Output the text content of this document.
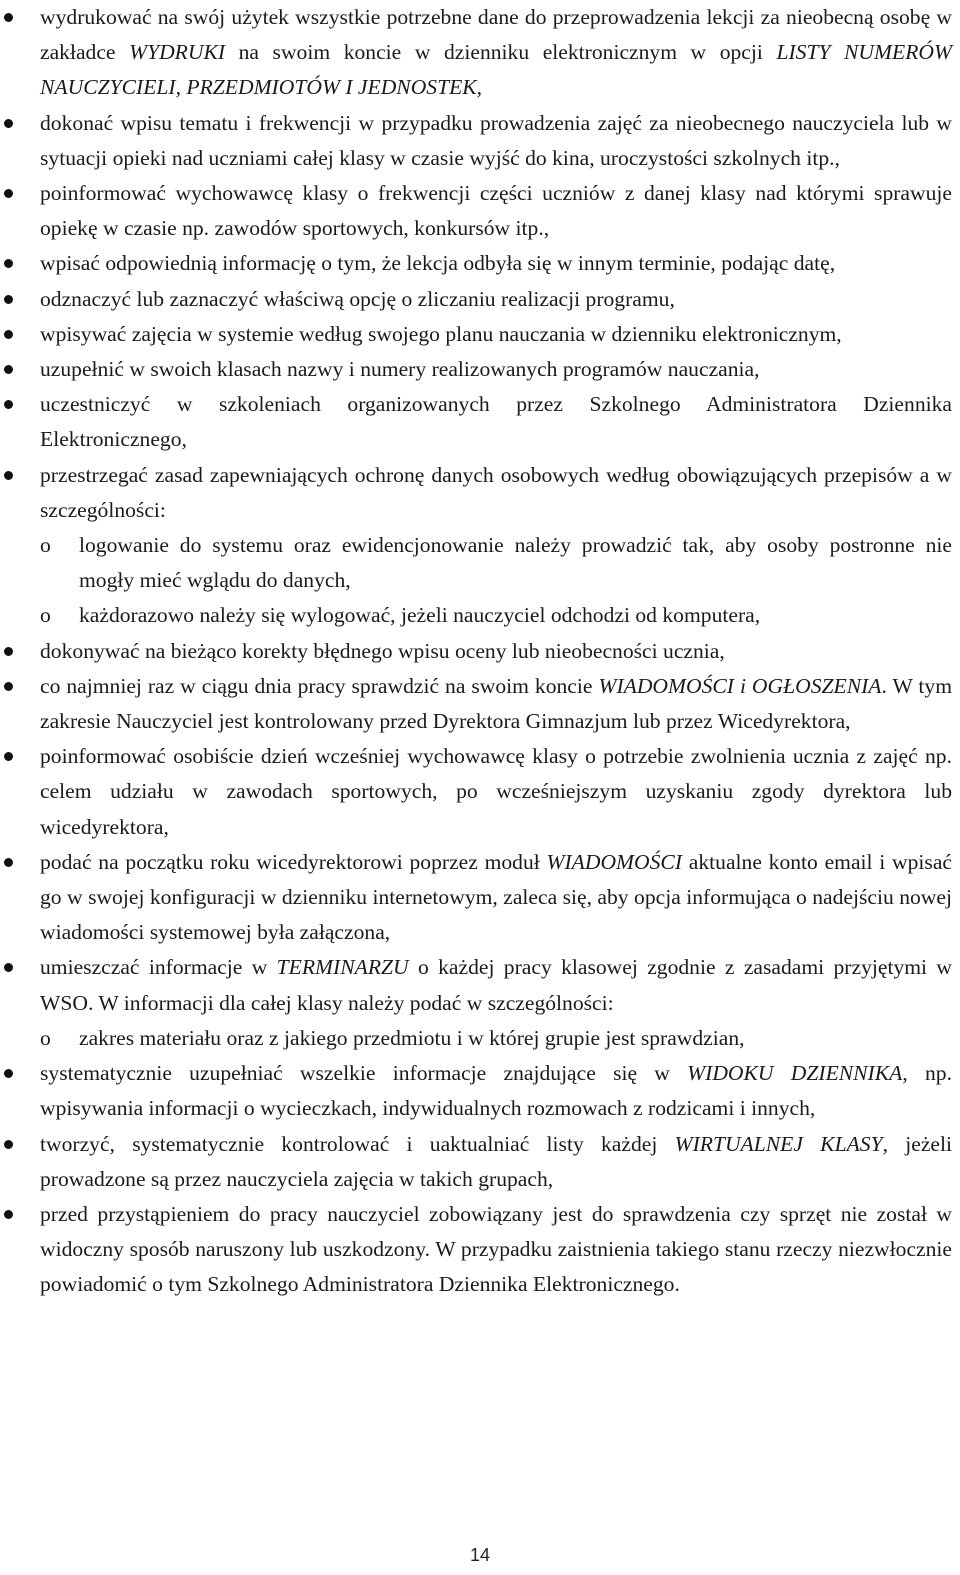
wydrukować na swój użytek wszystkie potrzebne dane do przeprowadzenia lekcji za nieobecną osobę w zakładce WYDRUKI na swoim koncie w dzienniku elektronicznym w opcji LISTY NUMERÓW NAUCZYCIELI, PRZEDMIOTÓW I JEDNOSTEK,
dokonać wpisu tematu i frekwencji w przypadku prowadzenia zajęć za nieobecnego nauczyciela lub w sytuacji opieki nad uczniami całej klasy w czasie wyjść do kina, uroczystości szkolnych itp.,
poinformować wychowawcę klasy o frekwencji części uczniów z danej klasy nad którymi sprawuje opiekę w czasie np. zawodów sportowych, konkursów itp.,
wpisać odpowiednią informację o tym, że lekcja odbyła się w innym terminie, podając datę,
odznaczyć lub zaznaczyć właściwą opcję o zliczaniu realizacji programu,
wpisywać zajęcia w systemie według swojego planu nauczania w dzienniku elektronicznym,
uzupełnić w swoich klasach nazwy i numery realizowanych programów nauczania,
uczestniczyć w szkoleniach organizowanych przez Szkolnego Administratora Dziennika Elektronicznego,
przestrzegać zasad zapewniających ochronę danych osobowych według obowiązujących przepisów a w szczególności:
o logowanie do systemu oraz ewidencjonowanie należy prowadzić tak, aby osoby postronne nie mogły mieć wglądu do danych,
o każdorazowo należy się wylogować, jeżeli nauczyciel odchodzi od komputera,
dokonywać na bieżąco korekty błędnego wpisu oceny lub nieobecności ucznia,
co najmniej raz w ciągu dnia pracy sprawdzić na swoim koncie WIADOMOŚCI i OGŁOSZENIA. W tym zakresie Nauczyciel jest kontrolowany przed Dyrektora Gimnazjum lub przez Wicedyrektora,
poinformować osobiście dzień wcześniej wychowawcę klasy o potrzebie zwolnienia ucznia z zajęć np. celem udziału w zawodach sportowych, po wcześniejszym uzyskaniu zgody dyrektora lub wicedyrektora,
podać na początku roku wicedyrektorowi poprzez moduł WIADOMOŚCI aktualne konto email i wpisać go w swojej konfiguracji w dzienniku internetowym, zaleca się, aby opcja informująca o nadejściu nowej wiadomości systemowej była załączona,
umieszczać informacje w TERMINARZU o każdej pracy klasowej zgodnie z zasadami przyjętymi w WSO. W informacji dla całej klasy należy podać w szczególności:
o zakres materiału oraz z jakiego przedmiotu i w której grupie jest sprawdzian,
systematycznie uzupełniać wszelkie informacje znajdujące się w WIDOKU DZIENNIKA, np. wpisywania informacji o wycieczkach, indywidualnych rozmowach z rodzicami i innych,
tworzyć, systematycznie kontrolować i uaktualniać listy każdej WIRTUALNEJ KLASY, jeżeli prowadzone są przez nauczyciela zajęcia w takich grupach,
przed przystąpieniem do pracy nauczyciel zobowiązany jest do sprawdzenia czy sprzęt nie został w widoczny sposób naruszony lub uszkodzony. W przypadku zaistnienia takiego stanu rzeczy niezwłocznie powiadomić o tym Szkolnego Administratora Dziennika Elektronicznego.
14
